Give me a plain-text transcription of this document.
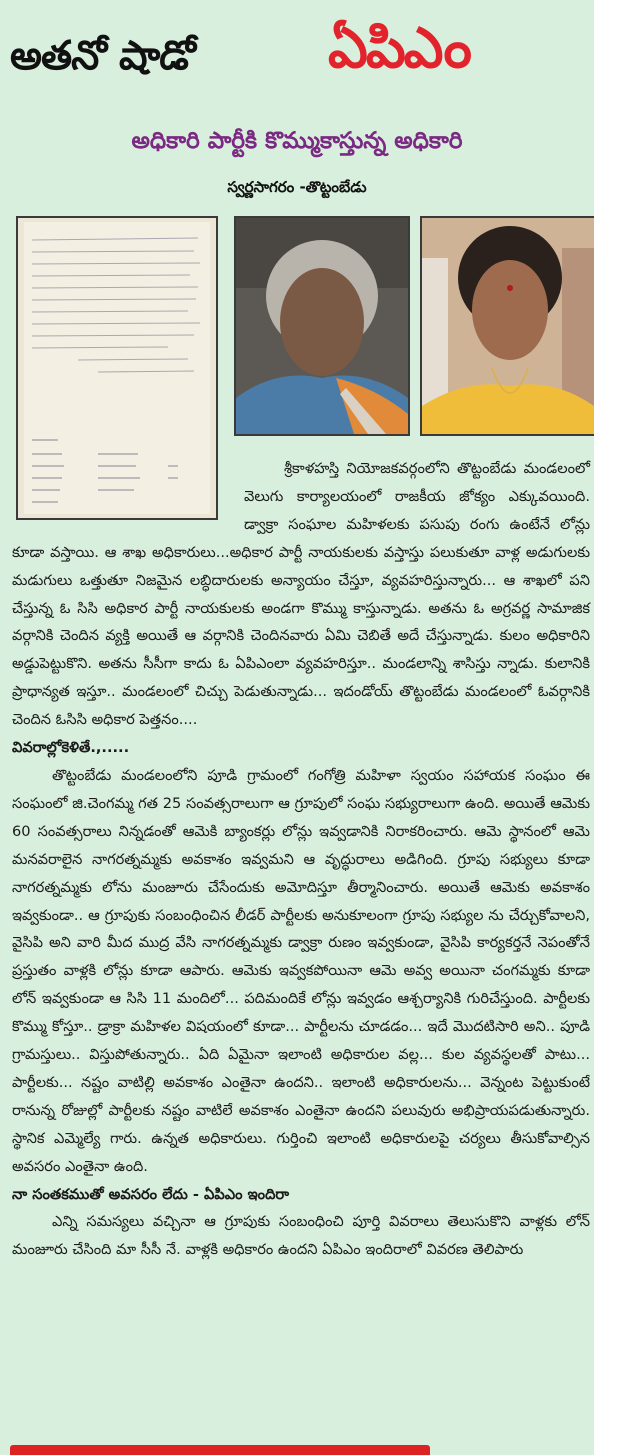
అతనో షాడో ఏపిఎం
అధికారి పార్టీకి కొమ్ముకాస్తున్న అధికారి
స్వర్ణసాగరం -తొట్టంబేడు

శ్రీకాళహస్తి నియోజకవర్గంలోని తొట్టంబేడు మండలంలో వెలుగు కార్యాలయంలో రాజకీయ జోక్యం ఎక్కువయింది. డ్వాక్రా సంఘాల మహిళలకు పసుపు రంగు ఉంటేనే లోన్లు కూడా వస్తాయి. ఆ శాఖ అధికారులు...అధికార పార్టీ నాయకులకు వస్తాస్తు పలుకుతూ వాళ్ల అడుగులకు మడుగులు ఒత్తుతూ నిజమైన లబ్ధిదారులకు అన్యాయం చేస్తూ, వ్యవహరిస్తున్నారు... ఆ శాఖలో పని చేస్తున్న ఓ సిసి అధికార పార్టీ నాయకులకు అండగా కొమ్ము కాస్తున్నాడు. అతను ఓ అగ్రవర్ణ సామాజిక వర్గానికి చెందిన వ్యక్తి అయితే ఆ వర్గానికి చెందినవారు ఏమి చెబితే అదే చేస్తున్నాడు. కులం అధికారిని అడ్డుపెట్టుకొని. అతను సీసీగా కాదు ఓ ఏపిఎంలా వ్యవహరిస్తూ.. మండలాన్ని శాసిస్తు న్నాడు. కులానికి ప్రాధాన్యత ఇస్తూ.. మండలంలో చిచ్చు పెడుతున్నాడు... ఇదండోయ్ తొట్టంబేడు మండలంలో ఓవర్గానికి చెందిన ఓసిసి అధికార పెత్తనం....

వివరాల్లోకెళితే.,.....

తొట్టంబేడు మండలంలోని పూడి గ్రామంలో గంగోత్రి మహిళా స్వయం సహాయక సంఘం ఈ సంఘంలో జి.చెంగమ్మ గత 25 సంవత్సరాలుగా ఆ గ్రూపులో సంఘ సభ్యురాలుగా ఉంది. అయితే ఆమెకు 60 సంవత్సరాలు నిన్నడంతో ఆమెకి బ్యాంకర్లు లోన్లు ఇవ్వడానికి నిరాకరించారు. ఆమె స్థానంలో ఆమె మనవరాలైన నాగరత్నమ్మకు అవకాశం ఇవ్వమని ఆ వృద్ధురాలు అడిగింది. గ్రూపు సభ్యులు కూడా నాగరత్నమ్మకు లోను మంజూరు చేసేందుకు అమోదిస్తూ తీర్మానించారు. అయితే ఆమెకు అవకాశం ఇవ్వకుండా.. ఆ గ్రూపుకు సంబంధించిన లీడర్ పార్టీలకు అనుకూలంగా గ్రూపు సభ్యుల ను చేర్చుకోవాలని, వైసిపి అని వారి మీద ముద్ర వేసి నాగరత్నమ్మకు డ్వాక్రా రుణం ఇవ్వకుండా, వైసిపి కార్యకర్తనే నెపంతోనే ప్రస్తుతం వాళ్లకి లోన్లు కూడా ఆపారు. ఆమెకు ఇవ్వకపోయినా ఆమె అవ్వ అయినా చంగమ్మకు కూడా లోన్ ఇవ్వకుండా ఆ సిసి 11 మందిలో... పదిమందికే లోన్లు ఇవ్వడం ఆశ్చర్యానికి గురిచేస్తుంది. పార్టీలకు కొమ్ము కోస్తూ.. డ్రాక్రా మహిళల విషయంలో కూడా... పార్టీలను చూడడం... ఇదే మొదటిసారి అని.. పూడి గ్రామస్తులు.. విస్తుపోతున్నారు.. ఏది ఏమైనా ఇలాంటి అధికారుల వల్ల... కుల వ్యవస్థలతో పాటు... పార్టీలకు... నష్టం వాటిల్లి అవకాశం ఎంతైనా ఉందని.. ఇలాంటి అధికారులను... వెన్నంట పెట్టుకుంటే రానున్న రోజుల్లో పార్టీలకు నష్టం వాటిలే అవకాశం ఎంతైనా ఉందని పలువురు అభిప్రాయపడుతున్నారు. స్థానిక ఎమ్మెల్యే గారు. ఉన్నత అధికారులు. గుర్తించి ఇలాంటి అధికారులపై చర్యలు తీసుకోవాల్సిన అవసరం ఎంతైనా ఉంది.

నా సంతకముతో అవసరం లేదు - ఏపిఎం ఇందిరా

ఎన్ని సమస్యలు వచ్చినా ఆ గ్రూపుకు సంబంధించి పూర్తి వివరాలు తెలుసుకొని వాళ్లకు లోన్ మంజూరు చేసింది మా సీసీ నే. వాళ్లకి అధికారం ఉందని ఏపిఎం ఇందిరాలో వివరణ తెలిపారు
